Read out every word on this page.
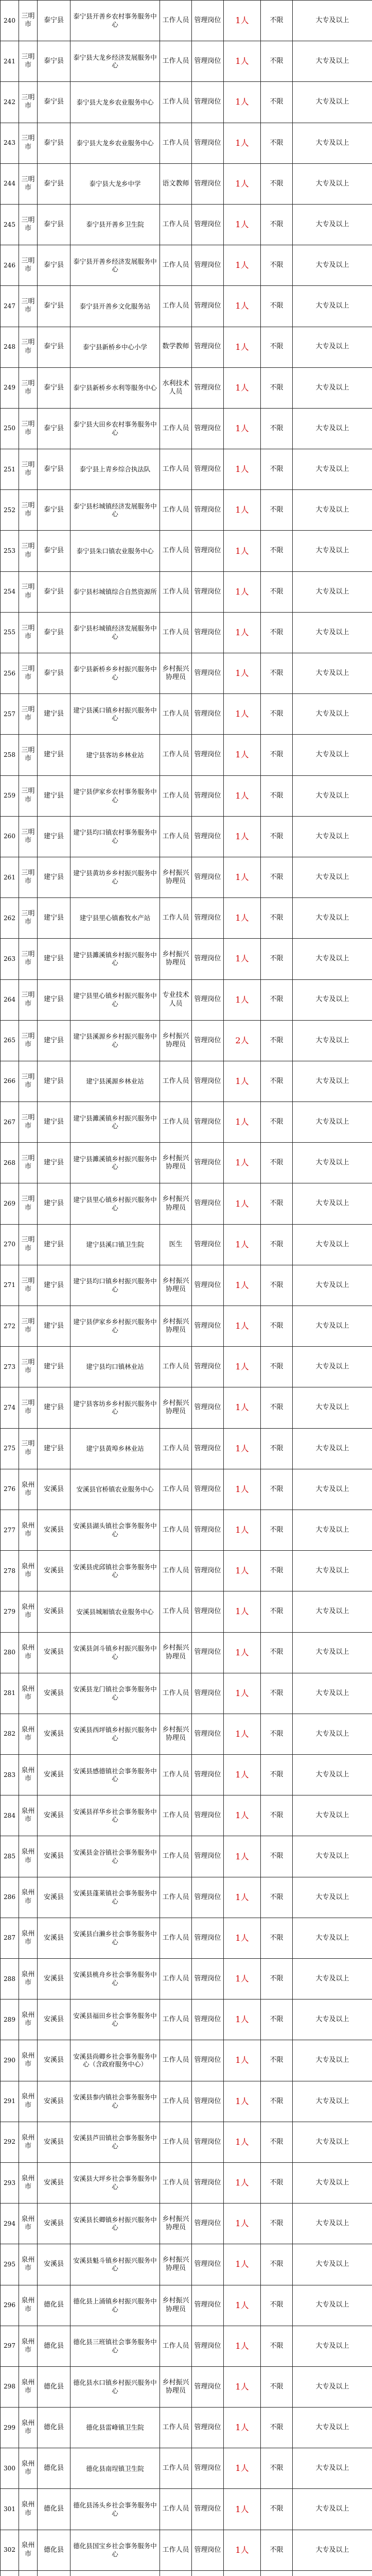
240	三明市	泰宁县	泰宁县开善乡农村事务服务中心	工作人员	管理岗位	1人	不限	大专及以上
241	三明市	泰宁县	泰宁县大龙乡经济发展服务中心	工作人员	管理岗位	1人	不限	大专及以上
242	三明市	泰宁县	泰宁县大龙乡农业服务中心	工作人员	管理岗位	1人	不限	大专及以上
243	三明市	泰宁县	泰宁县大龙乡农业服务中心	工作人员	管理岗位	1人	不限	大专及以上
244	三明市	泰宁县	泰宁县大龙乡中学	语文教师	管理岗位	1人	不限	大专及以上
245	三明市	泰宁县	泰宁县开善乡卫生院	工作人员	管理岗位	1人	不限	大专及以上
246	三明市	泰宁县	泰宁县开善乡经济发展服务中心	工作人员	管理岗位	1人	不限	大专及以上
247	三明市	泰宁县	泰宁县开善乡文化服务站	工作人员	管理岗位	1人	不限	大专及以上
248	三明市	泰宁县	泰宁县新桥乡中心小学	数学教师	管理岗位	1人	不限	大专及以上
249	三明市	泰宁县	泰宁县新桥乡水利等服务中心	水利技术人员	管理岗位	1人	不限	大专及以上
250	三明市	泰宁县	泰宁县大田乡农村事务服务中心	工作人员	管理岗位	1人	不限	大专及以上
251	三明市	泰宁县	泰宁县上青乡综合执法队	工作人员	管理岗位	1人	不限	大专及以上
252	三明市	泰宁县	泰宁县杉城镇经济发展服务中心	工作人员	管理岗位	1人	不限	大专及以上
253	三明市	泰宁县	泰宁县朱口镇农业服务中心	工作人员	管理岗位	1人	不限	大专及以上
254	三明市	泰宁县	泰宁县杉城镇综合自然资源所	工作人员	管理岗位	1人	不限	大专及以上
255	三明市	泰宁县	泰宁县杉城镇经济发展服务中心	工作人员	管理岗位	1人	不限	大专及以上
256	三明市	泰宁县	泰宁县新桥乡乡村振兴服务中心	乡村振兴协理员	管理岗位	1人	不限	大专及以上
257	三明市	建宁县	建宁县溪口镇乡村振兴服务中心	工作人员	管理岗位	1人	不限	大专及以上
258	三明市	建宁县	建宁县客坊乡林业站	工作人员	管理岗位	1人	不限	大专及以上
259	三明市	建宁县	建宁县伊家乡农村事务服务中心	工作人员	管理岗位	1人	不限	大专及以上
260	三明市	建宁县	建宁县均口镇农村事务服务中心	工作人员	管理岗位	1人	不限	大专及以上
261	三明市	建宁县	建宁县黄坊乡乡村振兴服务中心	乡村振兴协理员	管理岗位	1人	不限	大专及以上
262	三明市	建宁县	建宁县里心镇畜牧水产站	工作人员	管理岗位	1人	不限	大专及以上
263	三明市	建宁县	建宁县濉溪镇乡村振兴服务中心	乡村振兴协理员	管理岗位	1人	不限	大专及以上
264	三明市	建宁县	建宁县里心镇乡村振兴服务中心	专业技术人员	管理岗位	1人	不限	大专及以上
265	三明市	建宁县	建宁县溪源乡乡村振兴服务中心	乡村振兴协理员	管理岗位	2人	不限	大专及以上
266	三明市	建宁县	建宁县溪源乡林业站	工作人员	管理岗位	1人	不限	大专及以上
267	三明市	建宁县	建宁县濉溪镇乡村振兴服务中心	工作人员	管理岗位	1人	不限	大专及以上
268	三明市	建宁县	建宁县濉溪镇乡村振兴服务中心	乡村振兴协理员	管理岗位	1人	不限	大专及以上
269	三明市	建宁县	建宁县里心镇乡村振兴服务中心	乡村振兴协理员	管理岗位	1人	不限	大专及以上
270	三明市	建宁县	建宁县溪口镇卫生院	医生	管理岗位	1人	不限	大专及以上
271	三明市	建宁县	建宁县均口镇乡村振兴服务中心	乡村振兴协理员	管理岗位	1人	不限	大专及以上
272	三明市	建宁县	建宁县伊家乡乡村振兴服务中心	乡村振兴协理员	管理岗位	1人	不限	大专及以上
273	三明市	建宁县	建宁县均口镇林业站	工作人员	管理岗位	1人	不限	大专及以上
274	三明市	建宁县	建宁县客坊乡乡村振兴服务中心	乡村振兴协理员	管理岗位	1人	不限	大专及以上
275	三明市	建宁县	建宁县黄埠乡林业站	工作人员	管理岗位	1人	不限	大专及以上
276	泉州市	安溪县	安溪县官桥镇农业服务中心	工作人员	管理岗位	1人	不限	大专及以上
277	泉州市	安溪县	安溪县湖头镇社会事务服务中心	工作人员	管理岗位	1人	不限	大专及以上
278	泉州市	安溪县	安溪县虎邱镇社会事务服务中心	工作人员	管理岗位	1人	不限	大专及以上
279	泉州市	安溪县	安溪县城厢镇农业服务中心	工作人员	管理岗位	1人	不限	大专及以上
280	泉州市	安溪县	安溪县剑斗镇乡村振兴服务中心	乡村振兴协理员	管理岗位	1人	不限	大专及以上
281	泉州市	安溪县	安溪县龙门镇社会事务服务中心	工作人员	管理岗位	1人	不限	大专及以上
282	泉州市	安溪县	安溪县西坪镇乡村振兴服务中心	乡村振兴协理员	管理岗位	1人	不限	大专及以上
283	泉州市	安溪县	安溪县感德镇社会事务服务中心	工作人员	管理岗位	1人	不限	大专及以上
284	泉州市	安溪县	安溪县祥华乡社会事务服务中心	工作人员	管理岗位	1人	不限	大专及以上
285	泉州市	安溪县	安溪县金谷镇社会事务服务中心	工作人员	管理岗位	1人	不限	大专及以上
286	泉州市	安溪县	安溪县蓬莱镇社会事务服务中心	工作人员	管理岗位	1人	不限	大专及以上
287	泉州市	安溪县	安溪县白濑乡社会事务服务中心	工作人员	管理岗位	1人	不限	大专及以上
288	泉州市	安溪县	安溪县桃舟乡社会事务服务中心	工作人员	管理岗位	1人	不限	大专及以上
289	泉州市	安溪县	安溪县福田乡社会事务服务中心	工作人员	管理岗位	1人	不限	大专及以上
290	泉州市	安溪县	安溪县尚卿乡社会事务服务中心（含政府服务中心）	工作人员	管理岗位	1人	不限	大专及以上
291	泉州市	安溪县	安溪县参内镇社会事务服务中心	工作人员	管理岗位	1人	不限	大专及以上
292	泉州市	安溪县	安溪县芦田镇社会事务服务中心	工作人员	管理岗位	1人	不限	大专及以上
293	泉州市	安溪县	安溪县大坪乡社会事务服务中心	工作人员	管理岗位	1人	不限	大专及以上
294	泉州市	安溪县	安溪县长卿镇乡村振兴服务中心	乡村振兴协理员	管理岗位	1人	不限	大专及以上
295	泉州市	安溪县	安溪县魁斗镇乡村振兴服务中心	乡村振兴协理员	管理岗位	1人	不限	大专及以上
296	泉州市	德化县	德化县上涌镇乡村振兴服务中心	乡村振兴协理员	管理岗位	1人	不限	大专及以上
297	泉州市	德化县	德化县三班镇社会事务服务中心	工作人员	管理岗位	1人	不限	大专及以上
298	泉州市	德化县	德化县水口镇乡村振兴服务中心	乡村振兴协理员	管理岗位	1人	不限	大专及以上
299	泉州市	德化县	德化县雷峰镇卫生院	工作人员	管理岗位	1人	不限	大专及以上
300	泉州市	德化县	德化县南埕镇卫生院	工作人员	管理岗位	1人	不限	大专及以上
301	泉州市	德化县	德化县汤头乡社会事务服务中心	工作人员	管理岗位	1人	不限	大专及以上
302	泉州市	德化县	德化县国宝乡社会事务服务中心	工作人员	管理岗位	1人	不限	大专及以上
